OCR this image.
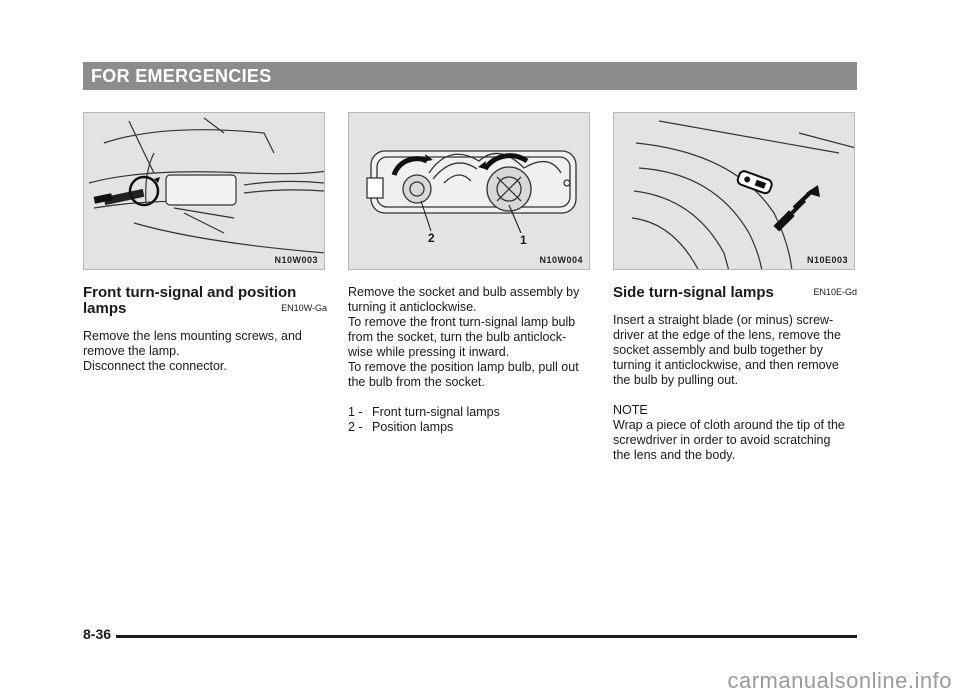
FOR EMERGENCIES
N10W003
2	1
N10W004	N10E003
Front turn-signal and position
lamps	EN10W-Ga
Remove the lens mounting screws, and
remove the lamp.
Disconnect the connector.
Remove the socket and bulb assembly by
turning it anticlockwise.
To remove the front turn-signal lamp bulb
from the socket, turn the bulb anticlock-
wise while pressing it inward.
To remove the position lamp bulb, pull out
the bulb from the socket.
1 - Front turn-signal lamps
2 - Position lamps
Side turn-signal lamps	EN10E-Gd
Insert a straight blade (or minus) screw-
driver at the edge of the lens, remove the
socket assembly and bulb together by
turning it anticlockwise, and then remove
the bulb by pulling out.
NOTE
Wrap a piece of cloth around the tip of the
screwdriver in order to avoid scratching
the lens and the body.
8-36
carmanualsonline.info
